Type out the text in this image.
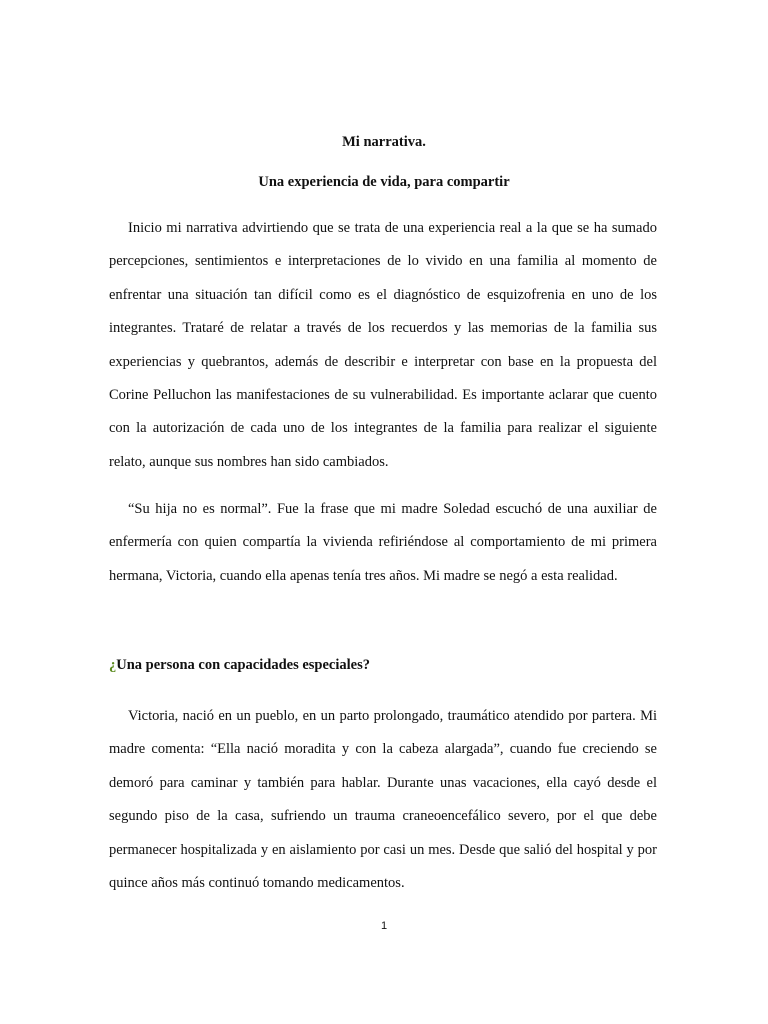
Mi narrativa.
Una experiencia de vida, para compartir

Inicio mi narrativa advirtiendo que se trata de una experiencia real a la que se ha sumado percepciones, sentimientos e interpretaciones de lo vivido en una familia al momento de enfrentar una situación tan difícil como es el diagnóstico de esquizofrenia en uno de los integrantes. Trataré de relatar a través de los recuerdos y las memorias de la familia sus experiencias y quebrantos, además de describir e interpretar con base en la propuesta del Corine Pelluchon las manifestaciones de su vulnerabilidad. Es importante aclarar que cuento con la autorización de cada uno de los integrantes de la familia para realizar el siguiente relato, aunque sus nombres han sido cambiados.

“Su hija no es normal”. Fue la frase que mi madre Soledad escuchó de una auxiliar de enfermería con quien compartía la vivienda refiriéndose al comportamiento de mi primera hermana, Victoria, cuando ella apenas tenía tres años. Mi madre se negó a esta realidad.

¿Una persona con capacidades especiales?

Victoria, nació en un pueblo, en un parto prolongado, traumático atendido por partera. Mi madre comenta: “Ella nació moradita y con la cabeza alargada”, cuando fue creciendo se demoró para caminar y también para hablar. Durante unas vacaciones, ella cayó desde el segundo piso de la casa, sufriendo un trauma craneoencefálico severo, por el que debe permanecer hospitalizada y en aislamiento por casi un mes. Desde que salió del hospital y por quince años más continuó tomando medicamentos.

1
